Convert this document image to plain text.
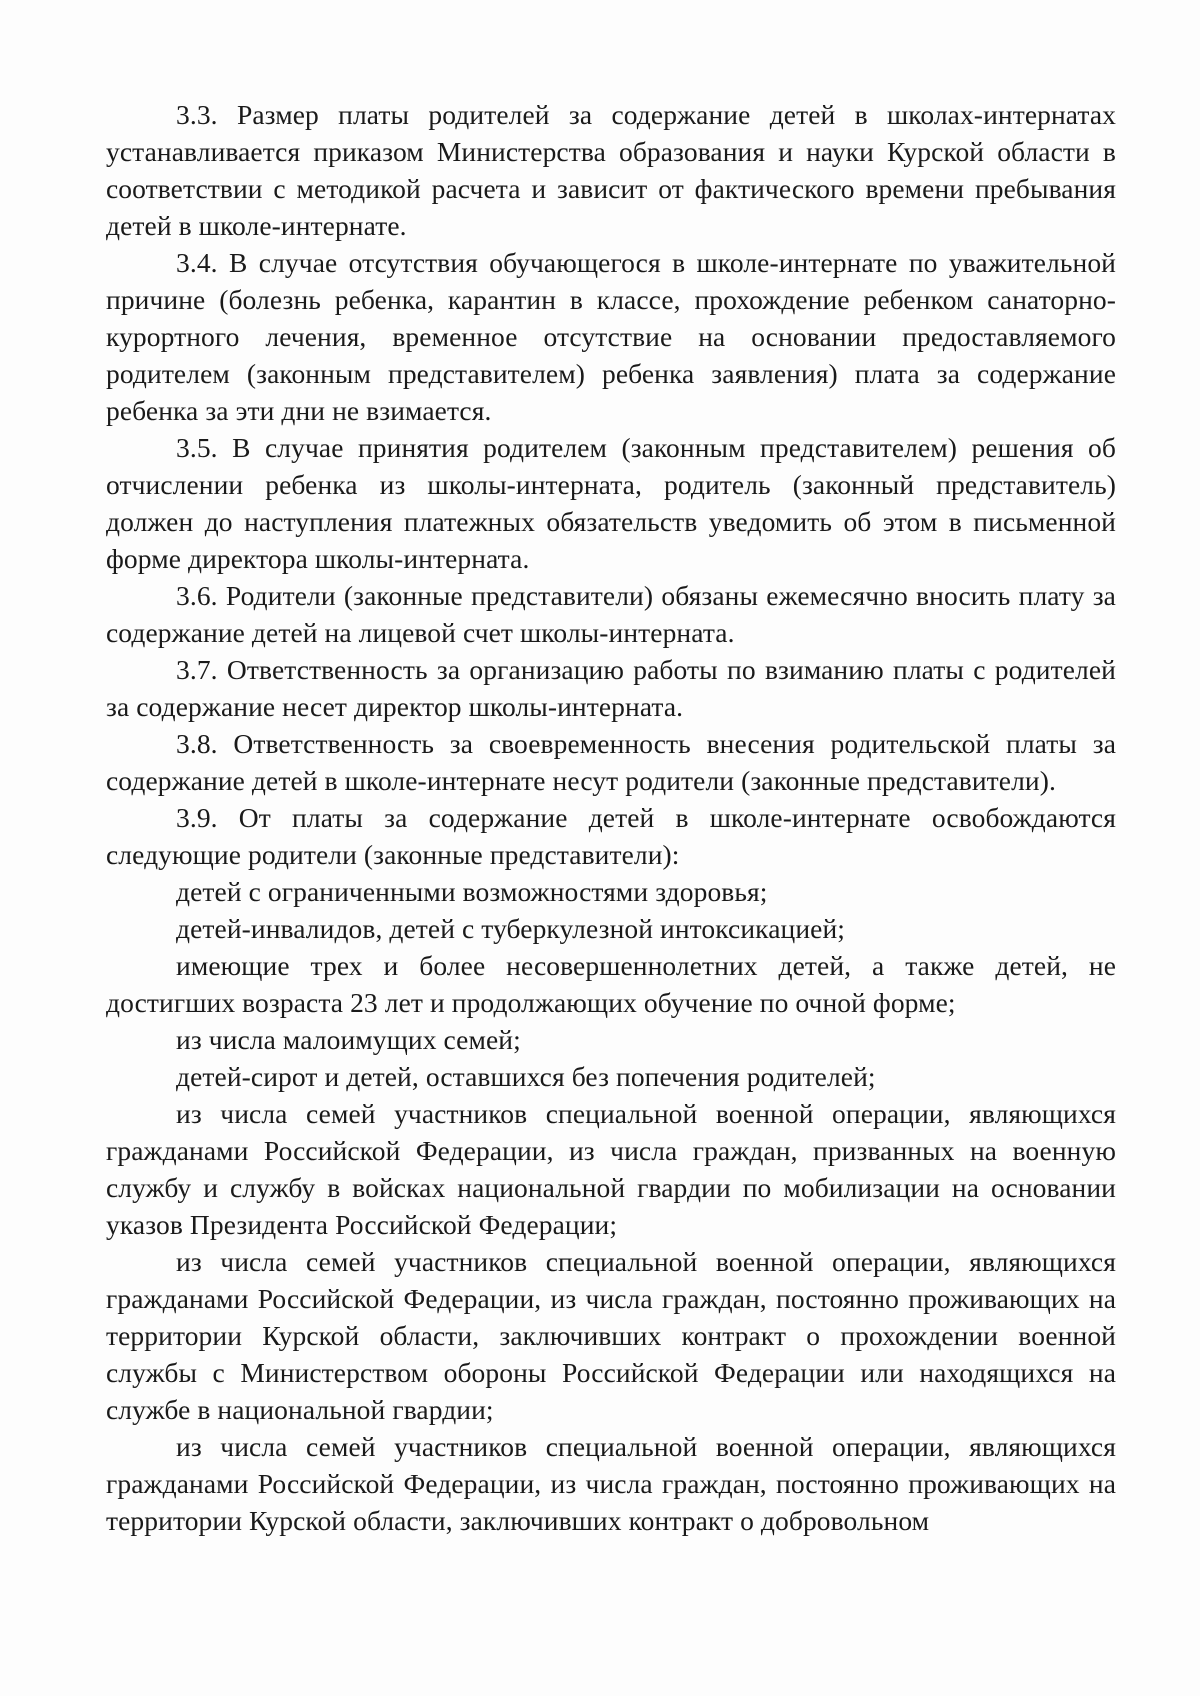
3.3. Размер платы родителей за содержание детей в школах-интернатах устанавливается приказом Министерства образования и науки Курской области в соответствии с методикой расчета и зависит от фактического времени пребывания детей в школе-интернате.

3.4. В случае отсутствия обучающегося в школе-интернате по уважительной причине (болезнь ребенка, карантин в классе, прохождение ребенком санаторно-курортного лечения, временное отсутствие на основании предоставляемого родителем (законным представителем) ребенка заявления) плата за содержание ребенка за эти дни не взимается.

3.5. В случае принятия родителем (законным представителем) решения об отчислении ребенка из школы-интерната, родитель (законный представитель) должен до наступления платежных обязательств уведомить об этом в письменной форме директора школы-интерната.

3.6. Родители (законные представители) обязаны ежемесячно вносить плату за содержание детей на лицевой счет школы-интерната.

3.7. Ответственность за организацию работы по взиманию платы с родителей за содержание несет директор школы-интерната.

3.8. Ответственность за своевременность внесения родительской платы за содержание детей в школе-интернате несут родители (законные представители).

3.9. От платы за содержание детей в школе-интернате освобождаются следующие родители (законные представители):

детей с ограниченными возможностями здоровья;

детей-инвалидов, детей с туберкулезной интоксикацией;

имеющие трех и более несовершеннолетних детей, а также детей, не достигших возраста 23 лет и продолжающих обучение по очной форме;

из числа малоимущих семей;

детей-сирот и детей, оставшихся без попечения родителей;

из числа семей участников специальной военной операции, являющихся гражданами Российской Федерации, из числа граждан, призванных на военную службу и службу в войсках национальной гвардии по мобилизации на основании указов Президента Российской Федерации;

из числа семей участников специальной военной операции, являющихся гражданами Российской Федерации, из числа граждан, постоянно проживающих на территории Курской области, заключивших контракт о прохождении военной службы с Министерством обороны Российской Федерации или находящихся на службе в национальной гвардии;

из числа семей участников специальной военной операции, являющихся гражданами Российской Федерации, из числа граждан, постоянно проживающих на территории Курской области, заключивших контракт о добровольном
